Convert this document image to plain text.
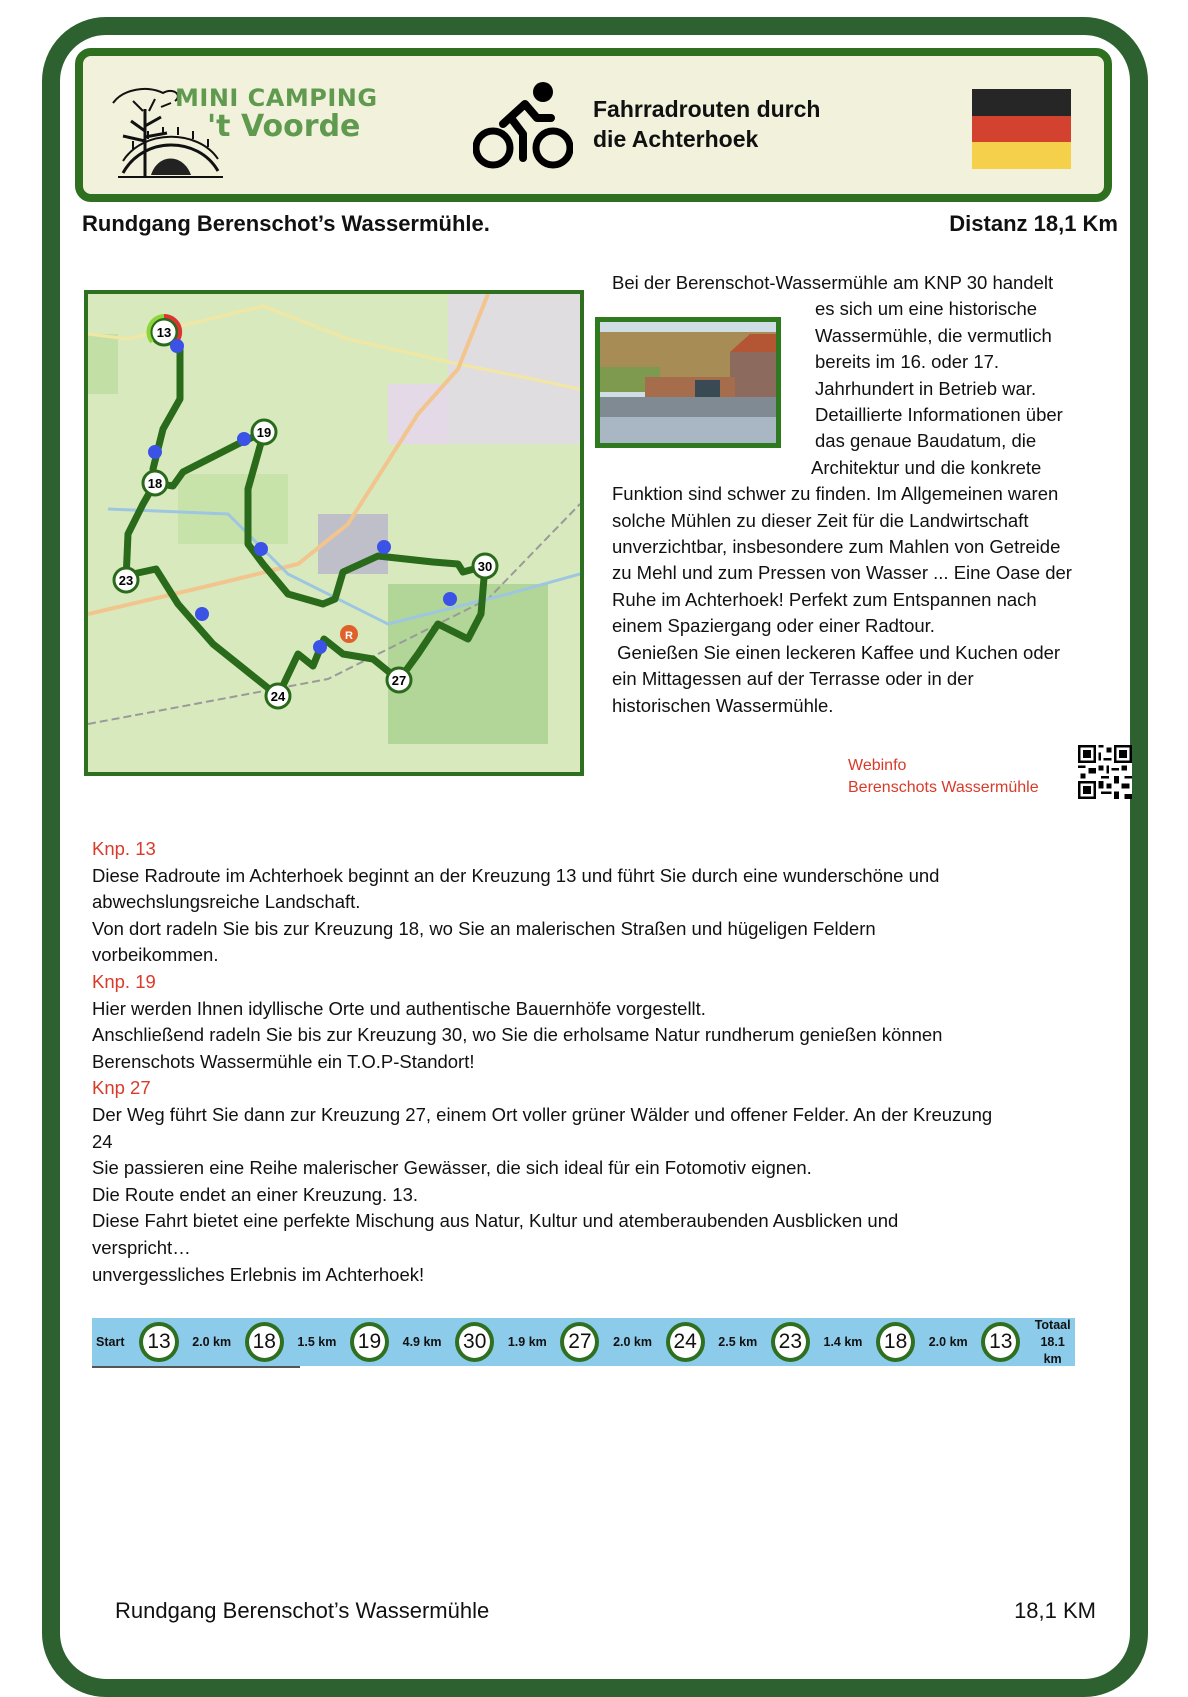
MINI CAMPING
't Voorde	Fahrradrouten durch
die Achterhoek
Rundgang Berenschot’s Wassermühle.	Distanz 18,1 Km
13
19
18
23
30
24
27
R
Bei der Berenschot-Wassermühle am KNP 30 handelt
es sich um eine historische
Wassermühle, die vermutlich
bereits im 16. oder 17.
Jahrhundert in Betrieb war.
Detaillierte Informationen über
das genaue Baudatum, die
Architektur und die konkrete
Funktion sind schwer zu finden. Im Allgemeinen waren
solche Mühlen zu dieser Zeit für die Landwirtschaft
unverzichtbar, insbesondere zum Mahlen von Getreide
zu Mehl und zum Pressen von Wasser ... Eine Oase der
Ruhe im Achterhoek! Perfekt zum Entspannen nach
einem Spaziergang oder einer Radtour.
Genießen Sie einen leckeren Kaffee und Kuchen oder
ein Mittagessen auf der Terrasse oder in der
historischen Wassermühle.
Webinfo
Berenschots Wassermühle
Knp. 13
Diese Radroute im Achterhoek beginnt an der Kreuzung 13 und führt Sie durch eine wunderschöne und
abwechslungsreiche Landschaft.
Von dort radeln Sie bis zur Kreuzung 18, wo Sie an malerischen Straßen und hügeligen Feldern
vorbeikommen.
Knp. 19
Hier werden Ihnen idyllische Orte und authentische Bauernhöfe vorgestellt.
Anschließend radeln Sie bis zur Kreuzung 30, wo Sie die erholsame Natur rundherum genießen können
Berenschots Wassermühle ein T.O.P-Standort!
Knp 27
Der Weg führt Sie dann zur Kreuzung 27, einem Ort voller grüner Wälder und offener Felder. An der Kreuzung
24
Sie passieren eine Reihe malerischer Gewässer, die sich ideal für ein Fotomotiv eignen.
Die Route endet an einer Kreuzung. 13.
Diese Fahrt bietet eine perfekte Mischung aus Natur, Kultur und atemberaubenden Ausblicken und
verspricht…
unvergessliches Erlebnis im Achterhoek!
Start	13	2.0 km	18	1.5 km	19	4.9 km	30	1.9 km	27	2.0 km	24	2.5 km	23	1.4 km	18	2.0 km	13
Totaal
18.1 km
Rundgang Berenschot’s Wassermühle	18,1 KM
